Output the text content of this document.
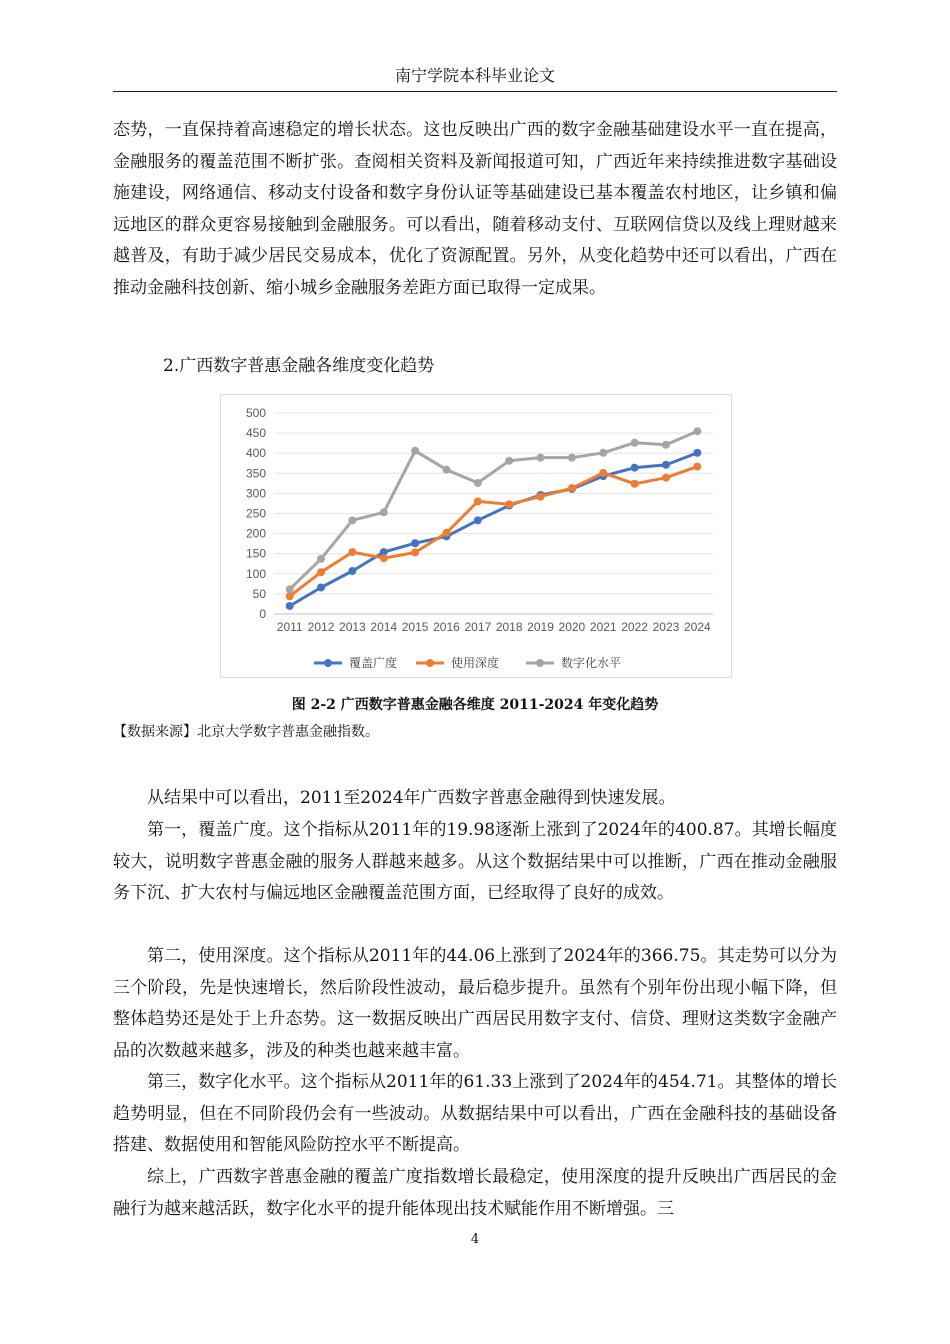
南宁学院本科毕业论文

态势，一直保持着高速稳定的增长状态。这也反映出广西的数字金融基础建设水平一直在提高，金融服务的覆盖范围不断扩张。查阅相关资料及新闻报道可知，广西近年来持续推进数字基础设施建设，网络通信、移动支付设备和数字身份认证等基础建设已基本覆盖农村地区，让乡镇和偏远地区的群众更容易接触到金融服务。可以看出，随着移动支付、互联网信贷以及线上理财越来越普及，有助于减少居民交易成本，优化了资源配置。另外，从变化趋势中还可以看出，广西在推动金融科技创新、缩小城乡金融服务差距方面已取得一定成果。

2.广西数字普惠金融各维度变化趋势
0
50
100
150
200
250
300
350
400
450
500
2011 2012 2013 2014 2015 2016 2017 2018 2019 2020 2021 2022 2023 2024
覆盖广度	使用深度	数字化水平
图 2-2 广西数字普惠金融各维度 2011-2024 年变化趋势
【数据来源】北京大学数字普惠金融指数。

从结果中可以看出，2011至2024年广西数字普惠金融得到快速发展。

第一，覆盖广度。这个指标从2011年的19.98逐渐上涨到了2024年的400.87。其增长幅度较大，说明数字普惠金融的服务人群越来越多。从这个数据结果中可以推断，广西在推动金融服务下沉、扩大农村与偏远地区金融覆盖范围方面，已经取得了良好的成效。

第二，使用深度。这个指标从2011年的44.06上涨到了2024年的366.75。其走势可以分为三个阶段，先是快速增长，然后阶段性波动，最后稳步提升。虽然有个别年份出现小幅下降，但整体趋势还是处于上升态势。这一数据反映出广西居民用数字支付、信贷、理财这类数字金融产品的次数越来越多，涉及的种类也越来越丰富。

第三，数字化水平。这个指标从2011年的61.33上涨到了2024年的454.71。其整体的增长趋势明显，但在不同阶段仍会有一些波动。从数据结果中可以看出，广西在金融科技的基础设备搭建、数据使用和智能风险防控水平不断提高。

综上，广西数字普惠金融的覆盖广度指数增长最稳定，使用深度的提升反映出广西居民的金融行为越来越活跃，数字化水平的提升能体现出技术赋能作用不断增强。三

4
